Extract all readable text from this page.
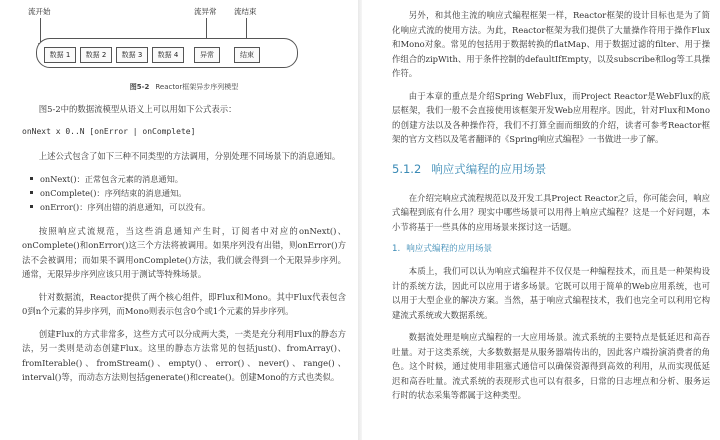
流开始	流异常 流结束
数据 1	数据 2	数据 3	数据 4	异常	结束
图5-2 Reactor框架异步序列模型

图5-2中的数据流模型从语义上可以用如下公式表示：

onNext x 0..N [onError | onComplete]

上述公式包含了如下三种不同类型的方法调用，分别处理不同场景下的消息通知。

onNext()：正常包含元素的消息通知。
onComplete()：序列结束的消息通知。
onError()：序列出错的消息通知，可以没有。

按照响应式流规范，当这些消息通知产生时，订阅者中对应的onNext()、onComplete()和onError()这三个方法将被调用。如果序列没有出错，则onError()方法不会被调用；而如果不调用onComplete()方法，我们就会得到一个无限异步序列。通常，无限异步序列应该只用于测试等特殊场景。

针对数据流，Reactor提供了两个核心组件，即Flux和Mono。其中Flux代表包含0到n个元素的异步序列，而Mono则表示包含0个或1个元素的异步序列。

创建Flux的方式非常多，这些方式可以分成两大类，一类是充分利用Flux的静态方法，另一类则是动态创建Flux。这里的静态方法常见的包括just()、fromArray()、fromIterable()、fromStream()、empty()、error()、never()、range()、interval()等，而动态方法则包括generate()和create()。创建Mono的方式也类似。

另外，和其他主流的响应式编程框架一样，Reactor框架的设计目标也是为了简化响应式流的使用方法。为此，Reactor框架为我们提供了大量操作符用于操作Flux和Mono对象。常见的包括用于数据转换的flatMap、用于数据过滤的filter、用于操作组合的zipWith、用于条件控制的defaultIfEmpty，以及subscribe和log等工具操作符。

由于本章的重点是介绍Spring WebFlux，而Project Reactor是WebFlux的底层框架，我们一般不会直接使用该框架开发Web应用程序。因此，针对Flux和Mono的创建方法以及各种操作符，我们不打算全面而细致的介绍，读者可参考Reactor框架的官方文档以及笔者翻译的《Spring响应式编程》一书做进一步了解。

5.1.2 响应式编程的应用场景

在介绍完响应式流程规范以及开发工具Project Reactor之后，你可能会问，响应式编程到底有什么用？现实中哪些场景可以用得上响应式编程？这是一个好问题，本小节将基于一些具体的应用场景来探讨这一话题。

1. 响应式编程的应用场景

本质上，我们可以认为响应式编程并不仅仅是一种编程技术，而且是一种架构设计的系统方法，因此可以应用于诸多场景。它既可以用于简单的Web应用系统，也可以用于大型企业的解决方案。当然，基于响应式编程技术，我们也完全可以利用它构建流式系统或大数据系统。

数据流处理是响应式编程的一大应用场景。流式系统的主要特点是低延迟和高吞吐量。对于这类系统，大多数数据是从服务器端传出的，因此客户端扮演消费者的角色。这个时候，通过使用非阻塞式通信可以确保资源得到高效的利用，从而实现低延迟和高吞吐量。流式系统的表现形式也可以有很多，日常的日志埋点和分析、服务运行时的状态采集等都属于这种类型。
